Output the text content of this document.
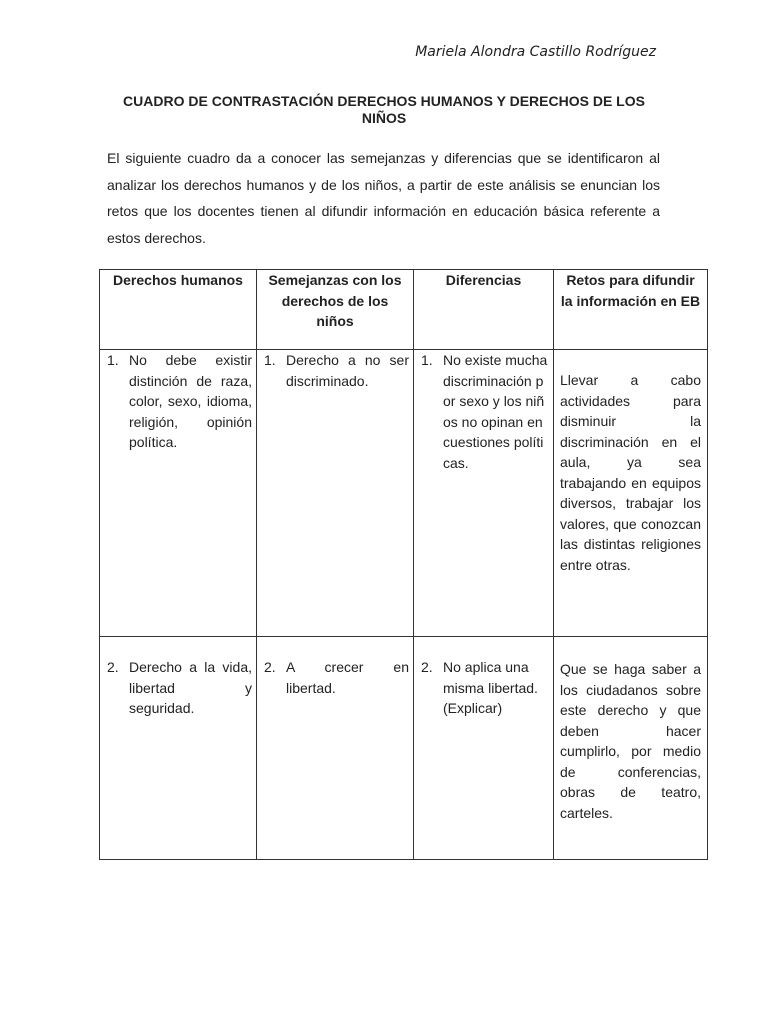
Mariela Alondra Castillo Rodríguez
CUADRO DE CONTRASTACIÓN DERECHOS HUMANOS Y DERECHOS DE LOS NIÑOS

El siguiente cuadro da a conocer las semejanzas y diferencias que se identificaron al analizar los derechos humanos y de los niños, a partir de este análisis se enuncian los retos que los docentes tienen al difundir información en educación básica referente a estos derechos.

Derechos humanos	Semejanzas con los derechos de los niños	Diferencias	Retos para difundir la información en EB

1. No debe existir distinción de raza, color, sexo, idioma, religión, opinión política.	1. Derecho a no ser discriminado.	1. No existe mucha discriminación por sexo y los niños no opinan en cuestiones políticas.	Llevar a cabo actividades para disminuir la discriminación en el aula, ya sea trabajando en equipos diversos, trabajar los valores, que conozcan las distintas religiones entre otras.

2. Derecho a la vida, libertad y seguridad.	2. A crecer en libertad.	2. No aplica una misma libertad. (Explicar)	Que se haga saber a los ciudadanos sobre este derecho y que deben hacer cumplirlo, por medio de conferencias, obras de teatro, carteles.
